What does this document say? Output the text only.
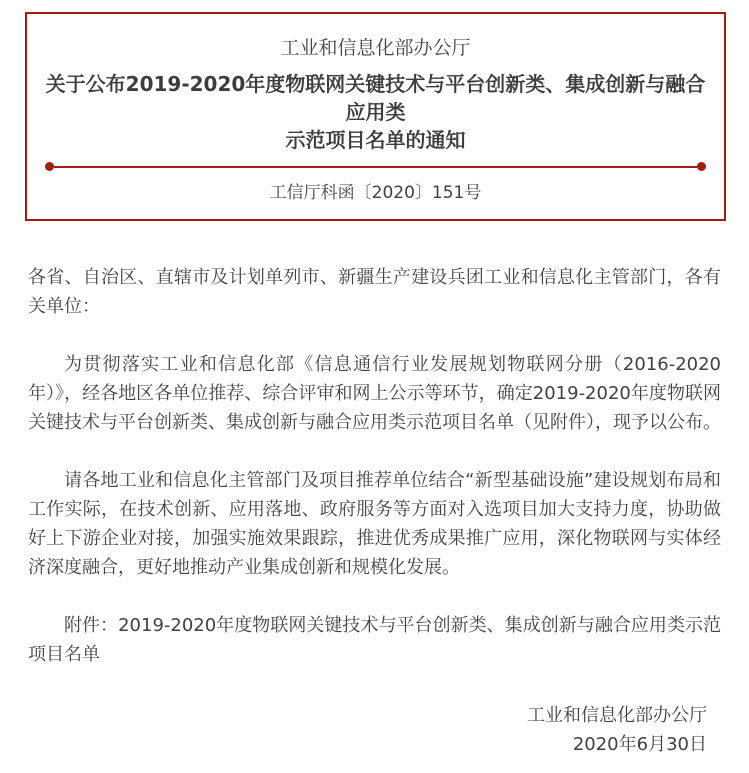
工业和信息化部办公厅
关于公布2019-2020年度物联网关键技术与平台创新类、集成创新与融合应用类
示范项目名单的通知
工信厅科函〔2020〕151号

各省、自治区、直辖市及计划单列市、新疆生产建设兵团工业和信息化主管部门，各有关单位：

为贯彻落实工业和信息化部《信息通信行业发展规划物联网分册（2016-2020年）》，经各地区各单位推荐、综合评审和网上公示等环节，确定2019-2020年度物联网关键技术与平台创新类、集成创新与融合应用类示范项目名单（见附件），现予以公布。

请各地工业和信息化主管部门及项目推荐单位结合“新型基础设施”建设规划布局和工作实际，在技术创新、应用落地、政府服务等方面对入选项目加大支持力度，协助做好上下游企业对接，加强实施效果跟踪，推进优秀成果推广应用，深化物联网与实体经济深度融合，更好地推动产业集成创新和规模化发展。

附件：2019-2020年度物联网关键技术与平台创新类、集成创新与融合应用类示范项目名单

工业和信息化部办公厅

2020年6月30日
